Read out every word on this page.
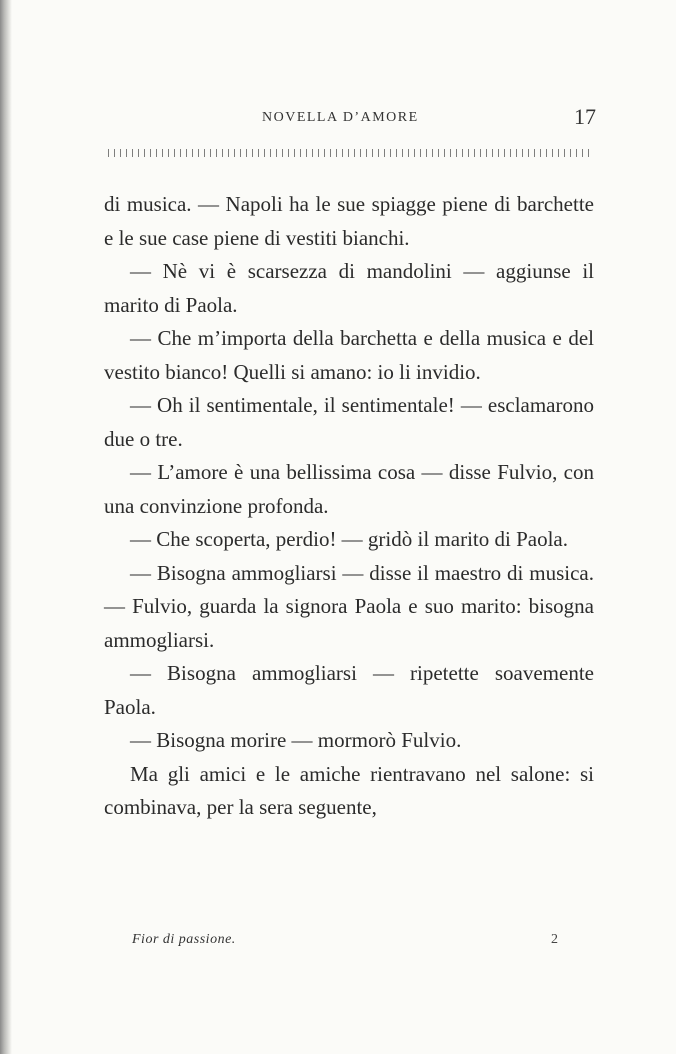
NOVELLA D’AMORE	17

di musica. — Napoli ha le sue spiagge piene di barchette e le sue case piene di vestiti bianchi.

— Nè vi è scarsezza di mandolini — aggiunse il marito di Paola.

— Che m’importa della barchetta e della musica e del vestito bianco! Quelli si amano: io li invidio.

— Oh il sentimentale, il sentimentale! — esclamarono due o tre.

— L’amore è una bellissima cosa — disse Fulvio, con una convinzione profonda.

— Che scoperta, perdio! — gridò il marito di Paola.

— Bisogna ammogliarsi — disse il maestro di musica. — Fulvio, guarda la signora Paola e suo marito: bisogna ammogliarsi.

— Bisogna ammogliarsi — ripetette soavemente Paola.

— Bisogna morire — mormorò Fulvio.

Ma gli amici e le amiche rientravano nel salone: si combinava, per la sera seguente,

Fior di passione.	2
